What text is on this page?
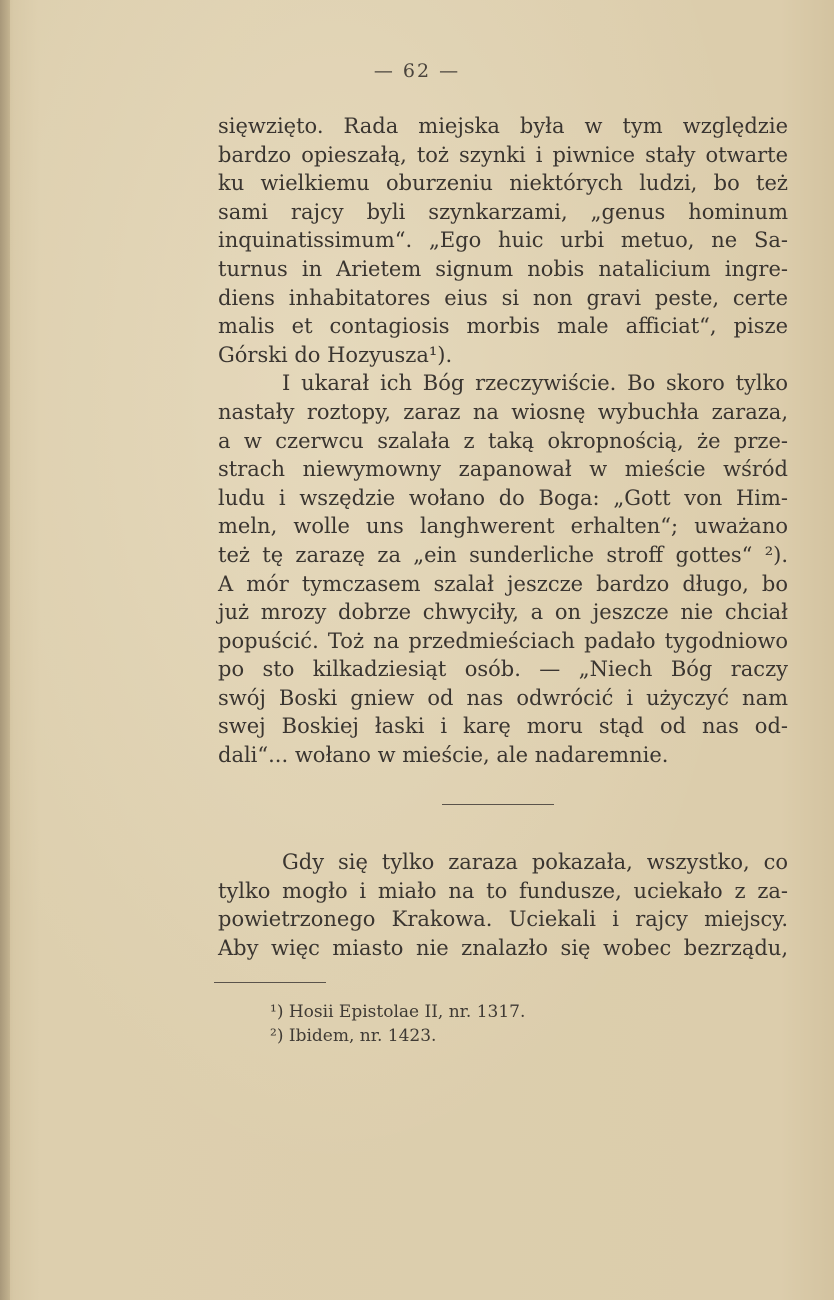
— 62 —
sięwzięto. Rada miejska była w tym względzie
bardzo opieszałą, toż szynki i piwnice stały otwarte
ku wielkiemu oburzeniu niektórych ludzi, bo też
sami rajcy byli szynkarzami, „genus hominum
inquinatissimum“. „Ego huic urbi metuo, ne Sa-
turnus in Arietem signum nobis natalicium ingre-
diens inhabitatores eius si non gravi peste, certe
malis et contagiosis morbis male afficiat“, pisze
Górski do Hozyusza¹).
I ukarał ich Bóg rzeczywiście. Bo skoro tylko
nastały roztopy, zaraz na wiosnę wybuchła zaraza,
a w czerwcu szalała z taką okropnością, że prze-
strach niewymowny zapanował w mieście wśród
ludu i wszędzie wołano do Boga: „Gott von Him-
meln, wolle uns langhwerent erhalten“; uważano
też tę zarazę za „ein sunderliche stroff gottes“ ²).
A mór tymczasem szalał jeszcze bardzo długo, bo
już mrozy dobrze chwyciły, a on jeszcze nie chciał
popuścić. Toż na przedmieściach padało tygodniowo
po sto kilkadziesiąt osób. — „Niech Bóg raczy
swój Boski gniew od nas odwrócić i użyczyć nam
swej Boskiej łaski i karę moru stąd od nas od-
dali“... wołano w mieście, ale nadaremnie.
Gdy się tylko zaraza pokazała, wszystko, co
tylko mogło i miało na to fundusze, uciekało z za-
powietrzonego Krakowa. Uciekali i rajcy miejscy.
Aby więc miasto nie znalazło się wobec bezrządu,
¹) Hosii Epistolae II, nr. 1317.
²) Ibidem, nr. 1423.
